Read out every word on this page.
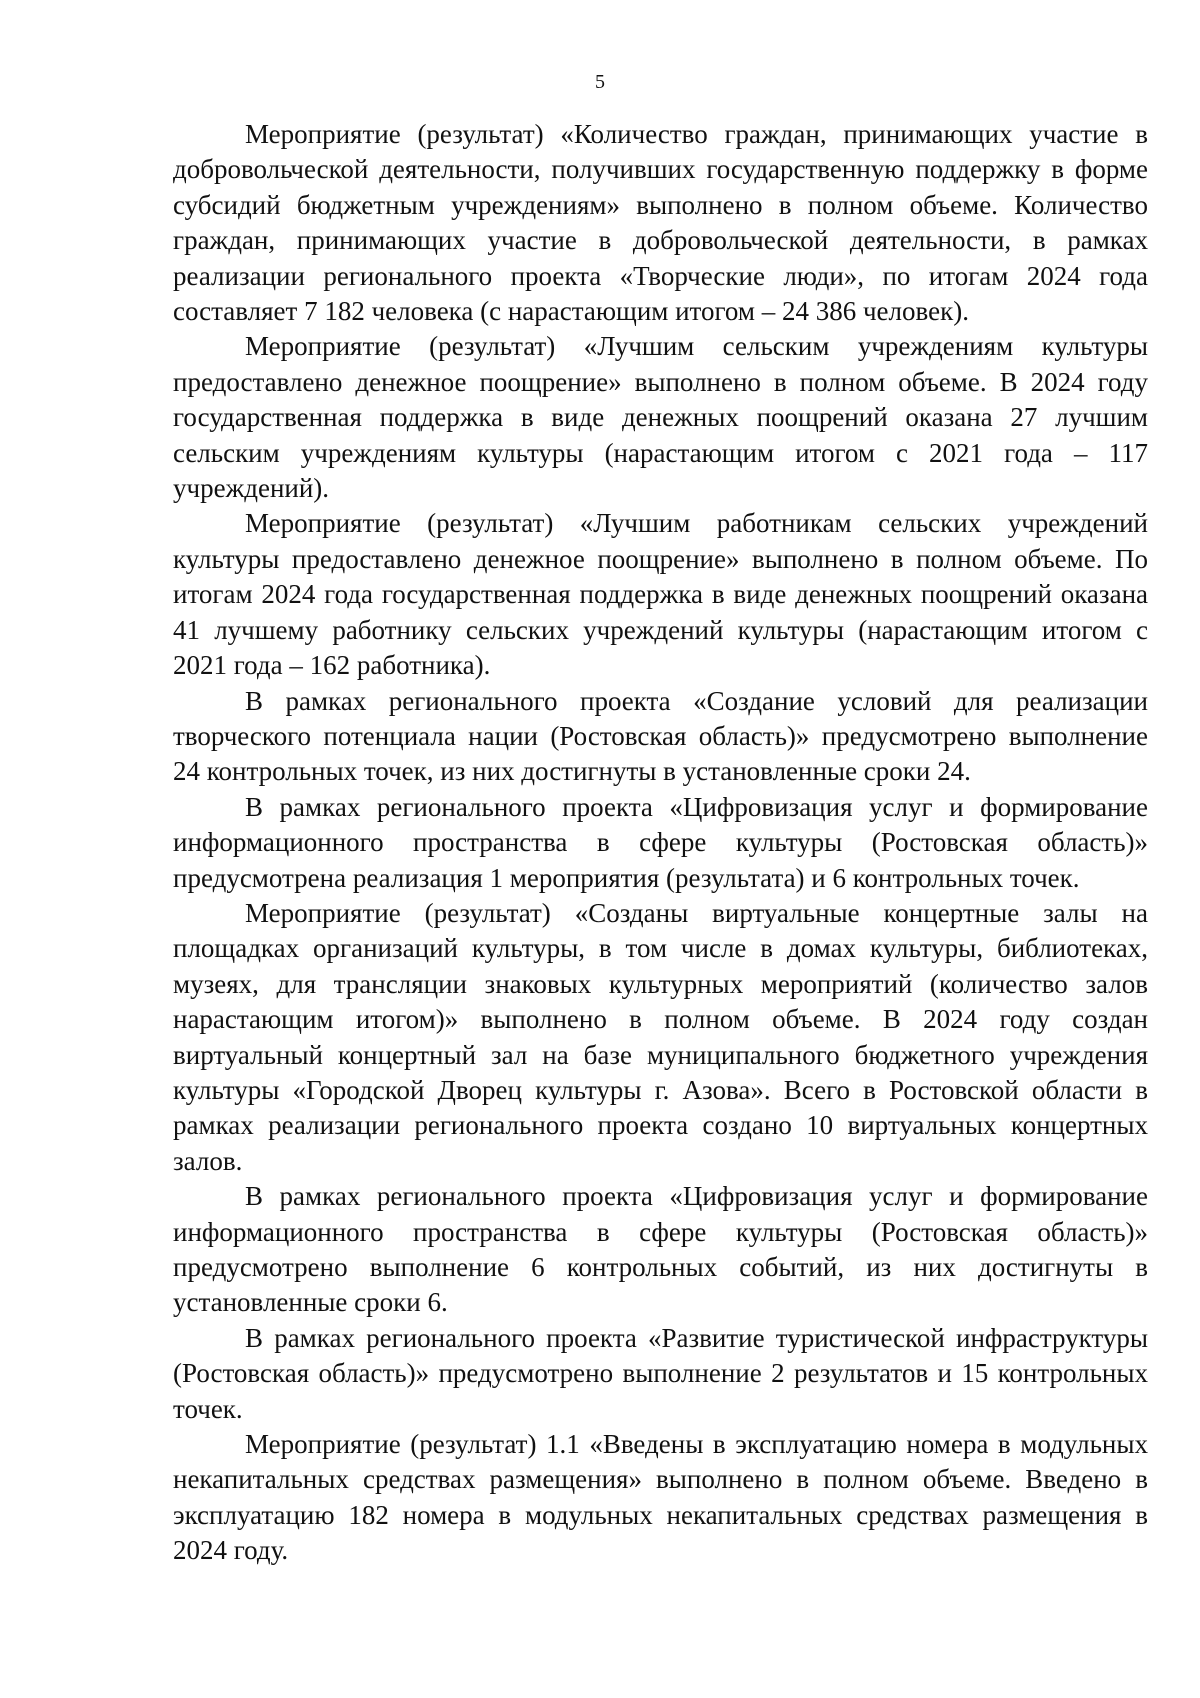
5

Мероприятие (результат) «Количество граждан, принимающих участие в добровольческой деятельности, получивших государственную поддержку в форме субсидий бюджетным учреждениям» выполнено в полном объеме. Количество граждан, принимающих участие в добровольческой деятельности, в рамках реализации регионального проекта «Творческие люди», по итогам 2024 года составляет 7 182 человека (с нарастающим итогом – 24 386 человек).

Мероприятие (результат) «Лучшим сельским учреждениям культуры предоставлено денежное поощрение» выполнено в полном объеме. В 2024 году государственная поддержка в виде денежных поощрений оказана 27 лучшим сельским учреждениям культуры (нарастающим итогом с 2021 года – 117 учреждений).

Мероприятие (результат) «Лучшим работникам сельских учреждений культуры предоставлено денежное поощрение» выполнено в полном объеме. По итогам 2024 года государственная поддержка в виде денежных поощрений оказана 41 лучшему работнику сельских учреждений культуры (нарастающим итогом с 2021 года – 162 работника).

В рамках регионального проекта «Создание условий для реализации творческого потенциала нации (Ростовская область)» предусмотрено выполнение 24 контрольных точек, из них достигнуты в установленные сроки 24.

В рамках регионального проекта «Цифровизация услуг и формирование информационного пространства в сфере культуры (Ростовская область)» предусмотрена реализация 1 мероприятия (результата) и 6 контрольных точек.

Мероприятие (результат) «Созданы виртуальные концертные залы на площадках организаций культуры, в том числе в домах культуры, библиотеках, музеях, для трансляции знаковых культурных мероприятий (количество залов нарастающим итогом)» выполнено в полном объеме. В 2024 году создан виртуальный концертный зал на базе муниципального бюджетного учреждения культуры «Городской Дворец культуры г. Азова». Всего в Ростовской области в рамках реализации регионального проекта создано 10 виртуальных концертных залов.

В рамках регионального проекта «Цифровизация услуг и формирование информационного пространства в сфере культуры (Ростовская область)» предусмотрено выполнение 6 контрольных событий, из них достигнуты в установленные сроки 6.

В рамках регионального проекта «Развитие туристической инфраструктуры (Ростовская область)» предусмотрено выполнение 2 результатов и 15 контрольных точек.

Мероприятие (результат) 1.1 «Введены в эксплуатацию номера в модульных некапитальных средствах размещения» выполнено в полном объеме. Введено в эксплуатацию 182 номера в модульных некапитальных средствах размещения в 2024 году.
